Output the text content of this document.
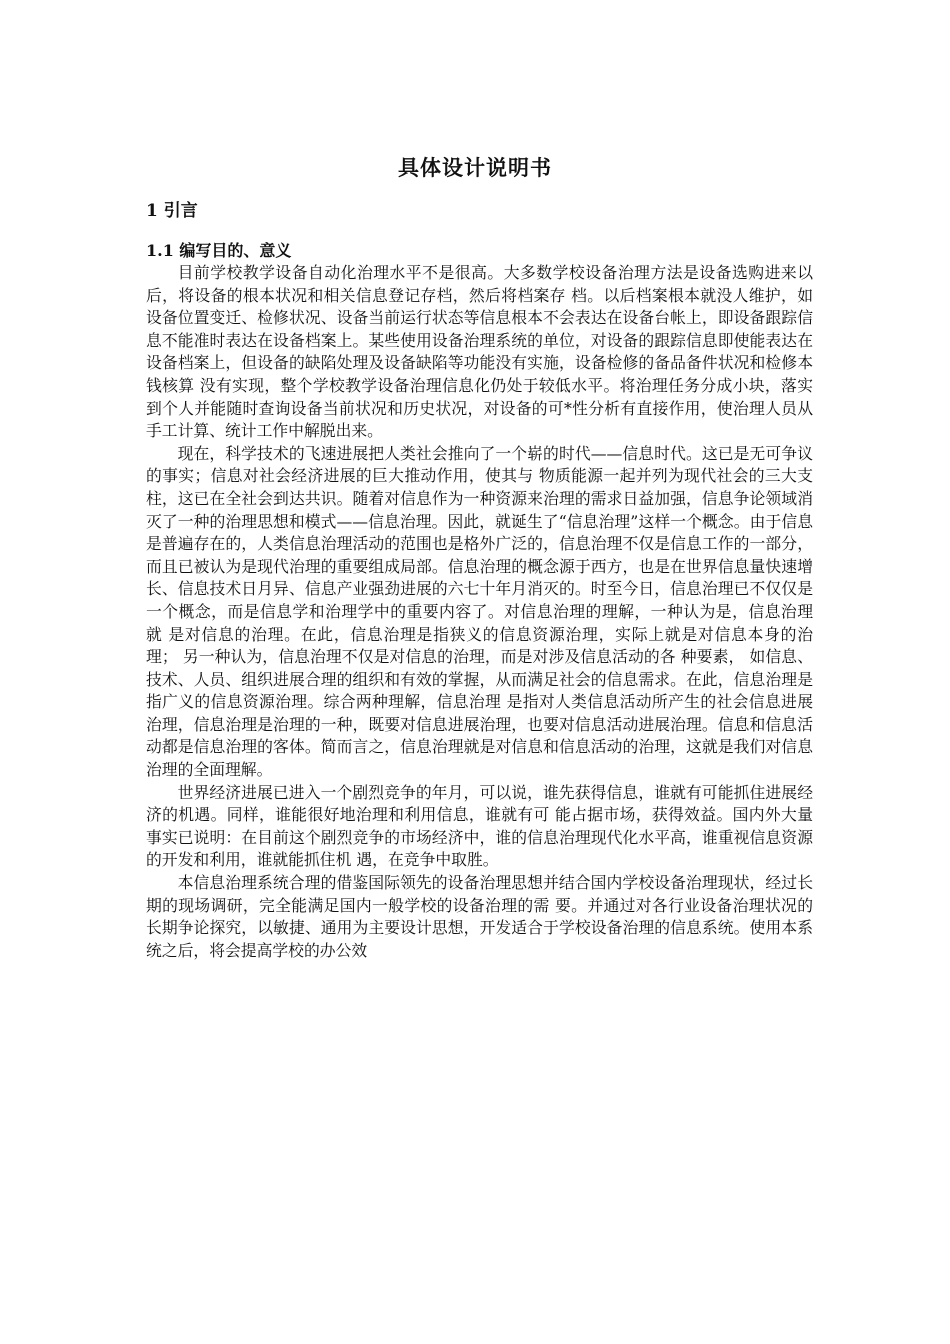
具体设计说明书
1 引言
1.1 编写目的、意义

目前学校教学设备自动化治理水平不是很高。大多数学校设备治理方法是设备选购进来以后，将设备的根本状况和相关信息登记存档，然后将档案存 档。以后档案根本就没人维护，如设备位置变迁、检修状况、设备当前运行状态等信息根本不会表达在设备台帐上，即设备跟踪信息不能准时表达在设备档案上。某些使用设备治理系统的单位，对设备的跟踪信息即使能表达在设备档案上，但设备的缺陷处理及设备缺陷等功能没有实施，设备检修的备品备件状况和检修本钱核算 没有实现，整个学校教学设备治理信息化仍处于较低水平。将治理任务分成小块，落实到个人并能随时查询设备当前状况和历史状况，对设备的可*性分析有直接作用，使治理人员从手工计算、统计工作中解脱出来。

现在，科学技术的飞速进展把人类社会推向了一个崭的时代——信息时代。这已是无可争议的事实；信息对社会经济进展的巨大推动作用，使其与 物质能源一起并列为现代社会的三大支柱，这已在全社会到达共识。随着对信息作为一种资源来治理的需求日益加强，信息争论领域消灭了一种的治理思想和模式——信息治理。因此，就诞生了“信息治理”这样一个概念。由于信息是普遍存在的，人类信息治理活动的范围也是格外广泛的，信息治理不仅是信息工作的一部分，而且已被认为是现代治理的重要组成局部。信息治理的概念源于西方，也是在世界信息量快速增长、信息技术日月异、信息产业强劲进展的六七十年月消灭的。时至今日，信息治理已不仅仅是一个概念，而是信息学和治理学中的重要内容了。对信息治理的理解，一种认为是，信息治理 就 是对信息的治理。在此，信息治理是指狭义的信息资源治理，实际上就是对信息本身的治理； 另一种认为，信息治理不仅是对信息的治理，而是对涉及信息活动的各 种要素， 如信息、技术、人员、组织进展合理的组织和有效的掌握，从而满足社会的信息需求。在此，信息治理是指广义的信息资源治理。综合两种理解，信息治理 是指对人类信息活动所产生的社会信息进展治理，信息治理是治理的一种，既要对信息进展治理，也要对信息活动进展治理。信息和信息活动都是信息治理的客体。简而言之，信息治理就是对信息和信息活动的治理，这就是我们对信息治理的全面理解。

世界经济进展已进入一个剧烈竞争的年月，可以说，谁先获得信息，谁就有可能抓住进展经济的机遇。同样，谁能很好地治理和利用信息，谁就有可 能占据市场，获得效益。国内外大量事实已说明：在目前这个剧烈竞争的市场经济中，谁的信息治理现代化水平高，谁重视信息资源的开发和利用，谁就能抓住机 遇，在竞争中取胜。

本信息治理系统合理的借鉴国际领先的设备治理思想并结合国内学校设备治理现状，经过长期的现场调研，完全能满足国内一般学校的设备治理的需 要。并通过对各行业设备治理状况的长期争论探究，以敏捷、通用为主要设计思想，开发适合于学校设备治理的信息系统。使用本系统之后，将会提高学校的办公效
